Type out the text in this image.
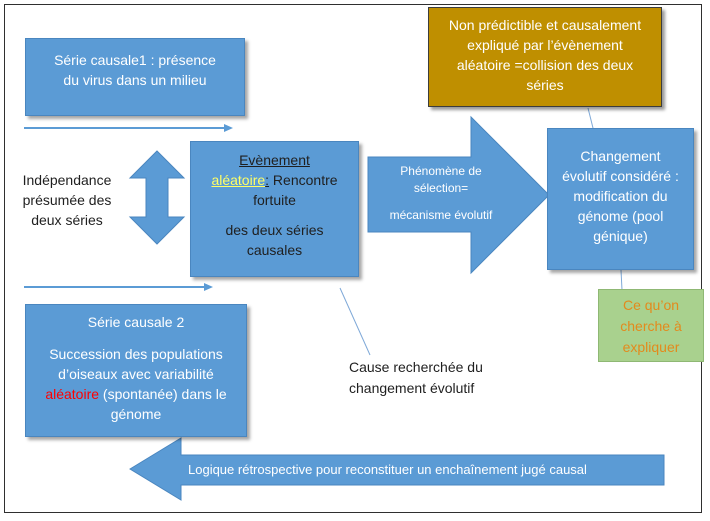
Série causale1 : présence
du virus dans un milieu
Indépendance
présumée des
deux séries
Evènement
aléatoire: Rencontre
fortuite
des deux séries
causales
Phénomène de
sélection=
mécanisme évolutif
Changement
évolutif considéré :
modification du
génome (pool
génique)
Non prédictible et causalement
expliqué par l’évènement
aléatoire =collision des deux
séries
Ce qu’on
cherche à
expliquer
Série causale 2
Succession des populations
d’oiseaux avec variabilité
aléatoire (spontanée) dans le
génome
Cause recherchée du
changement évolutif
Logique rétrospective pour reconstituer un enchaînement jugé causal
